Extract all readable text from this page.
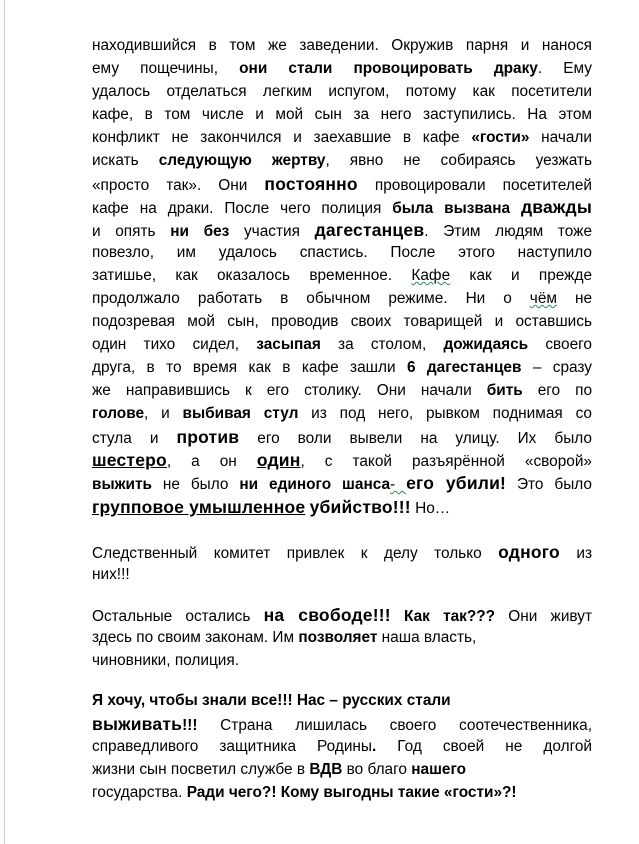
находившийся в том же заведении. Окружив парня и нанося
ему пощечины, они стали провоцировать драку. Ему
удалось отделаться легким испугом, потому как посетители
кафе, в том числе и мой сын за него заступились. На этом
конфликт не закончился и заехавшие в кафе «гости» начали
искать следующую жертву, явно не собираясь уезжать
«просто так». Они постоянно провоцировали посетителей
кафе на драки. После чего полиция была вызвана дважды
и опять ни без участия дагестанцев. Этим людям тоже
повезло, им удалось спастись. После этого наступило
затишье, как оказалось временное. Кафе как и прежде
продолжало работать в обычном режиме. Ни о чём не
подозревая мой сын, проводив своих товарищей и оставшись
один тихо сидел, засыпая за столом, дожидаясь своего
друга, в то время как в кафе зашли 6 дагестанцев – сразу
же направившись к его столику. Они начали бить его по
голове, и выбивая стул из под него, рывком поднимая со
стула и против его воли вывели на улицу. Их было
шестеро, а он один, с такой разъярённой «сворой»
выжить не было ни единого шанса- его убили! Это было
групповое умышленное убийство!!! Но…
Следственный комитет привлек к делу только одного из
них!!!
Остальные остались на свободе!!! Как так??? Они живут
здесь по своим законам. Им позволяет наша власть,
чиновники, полиция.
Я хочу, чтобы знали все!!! Нас – русских стали
выживать!!! Страна лишилась своего соотечественника,
справедливого защитника Родины. Год своей не долгой
жизни сын посветил службе в ВДВ во благо нашего
государства. Ради чего?! Кому выгодны такие «гости»?!
